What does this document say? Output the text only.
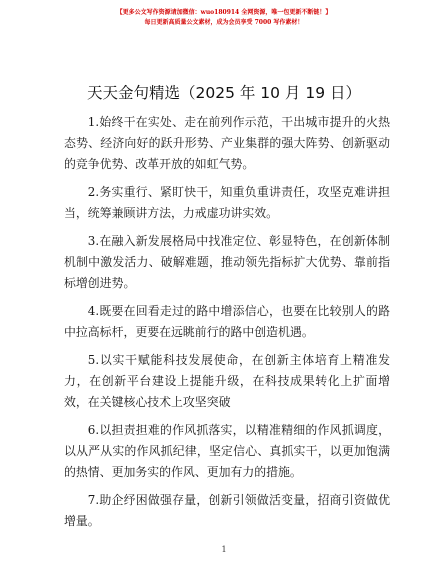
【更多公文写作资源请加微信：wuo180914 全网资源，唯一包更新不断链！】
每日更新高质量公文素材，成为会员享受 7000 写作素材！
天天金句精选（2025 年 10 月 19 日）

1.始终干在实处、走在前列作示范，干出城市提升的火热态势、经济向好的跃升形势、产业集群的强大阵势、创新驱动的竞争优势、改革开放的如虹气势。

2.务实重行、紧盯快干，知重负重讲责任，攻坚克难讲担当，统筹兼顾讲方法，力戒虚功讲实效。

3.在融入新发展格局中找准定位、彰显特色，在创新体制机制中激发活力、破解难题，推动领先指标扩大优势、靠前指标增创进势。

4.既要在回看走过的路中增添信心，也要在比较别人的路中拉高标杆，更要在远眺前行的路中创造机遇。

5.以实干赋能科技发展使命，在创新主体培育上精准发力，在创新平台建设上提能升级，在科技成果转化上扩面增效，在关键核心技术上攻坚突破

6.以担责担难的作风抓落实，以精准精细的作风抓调度，以从严从实的作风抓纪律，坚定信心、真抓实干，以更加饱满的热情、更加务实的作风、更加有力的措施。

7.助企纾困做强存量，创新引领做活变量，招商引资做优增量。

1
